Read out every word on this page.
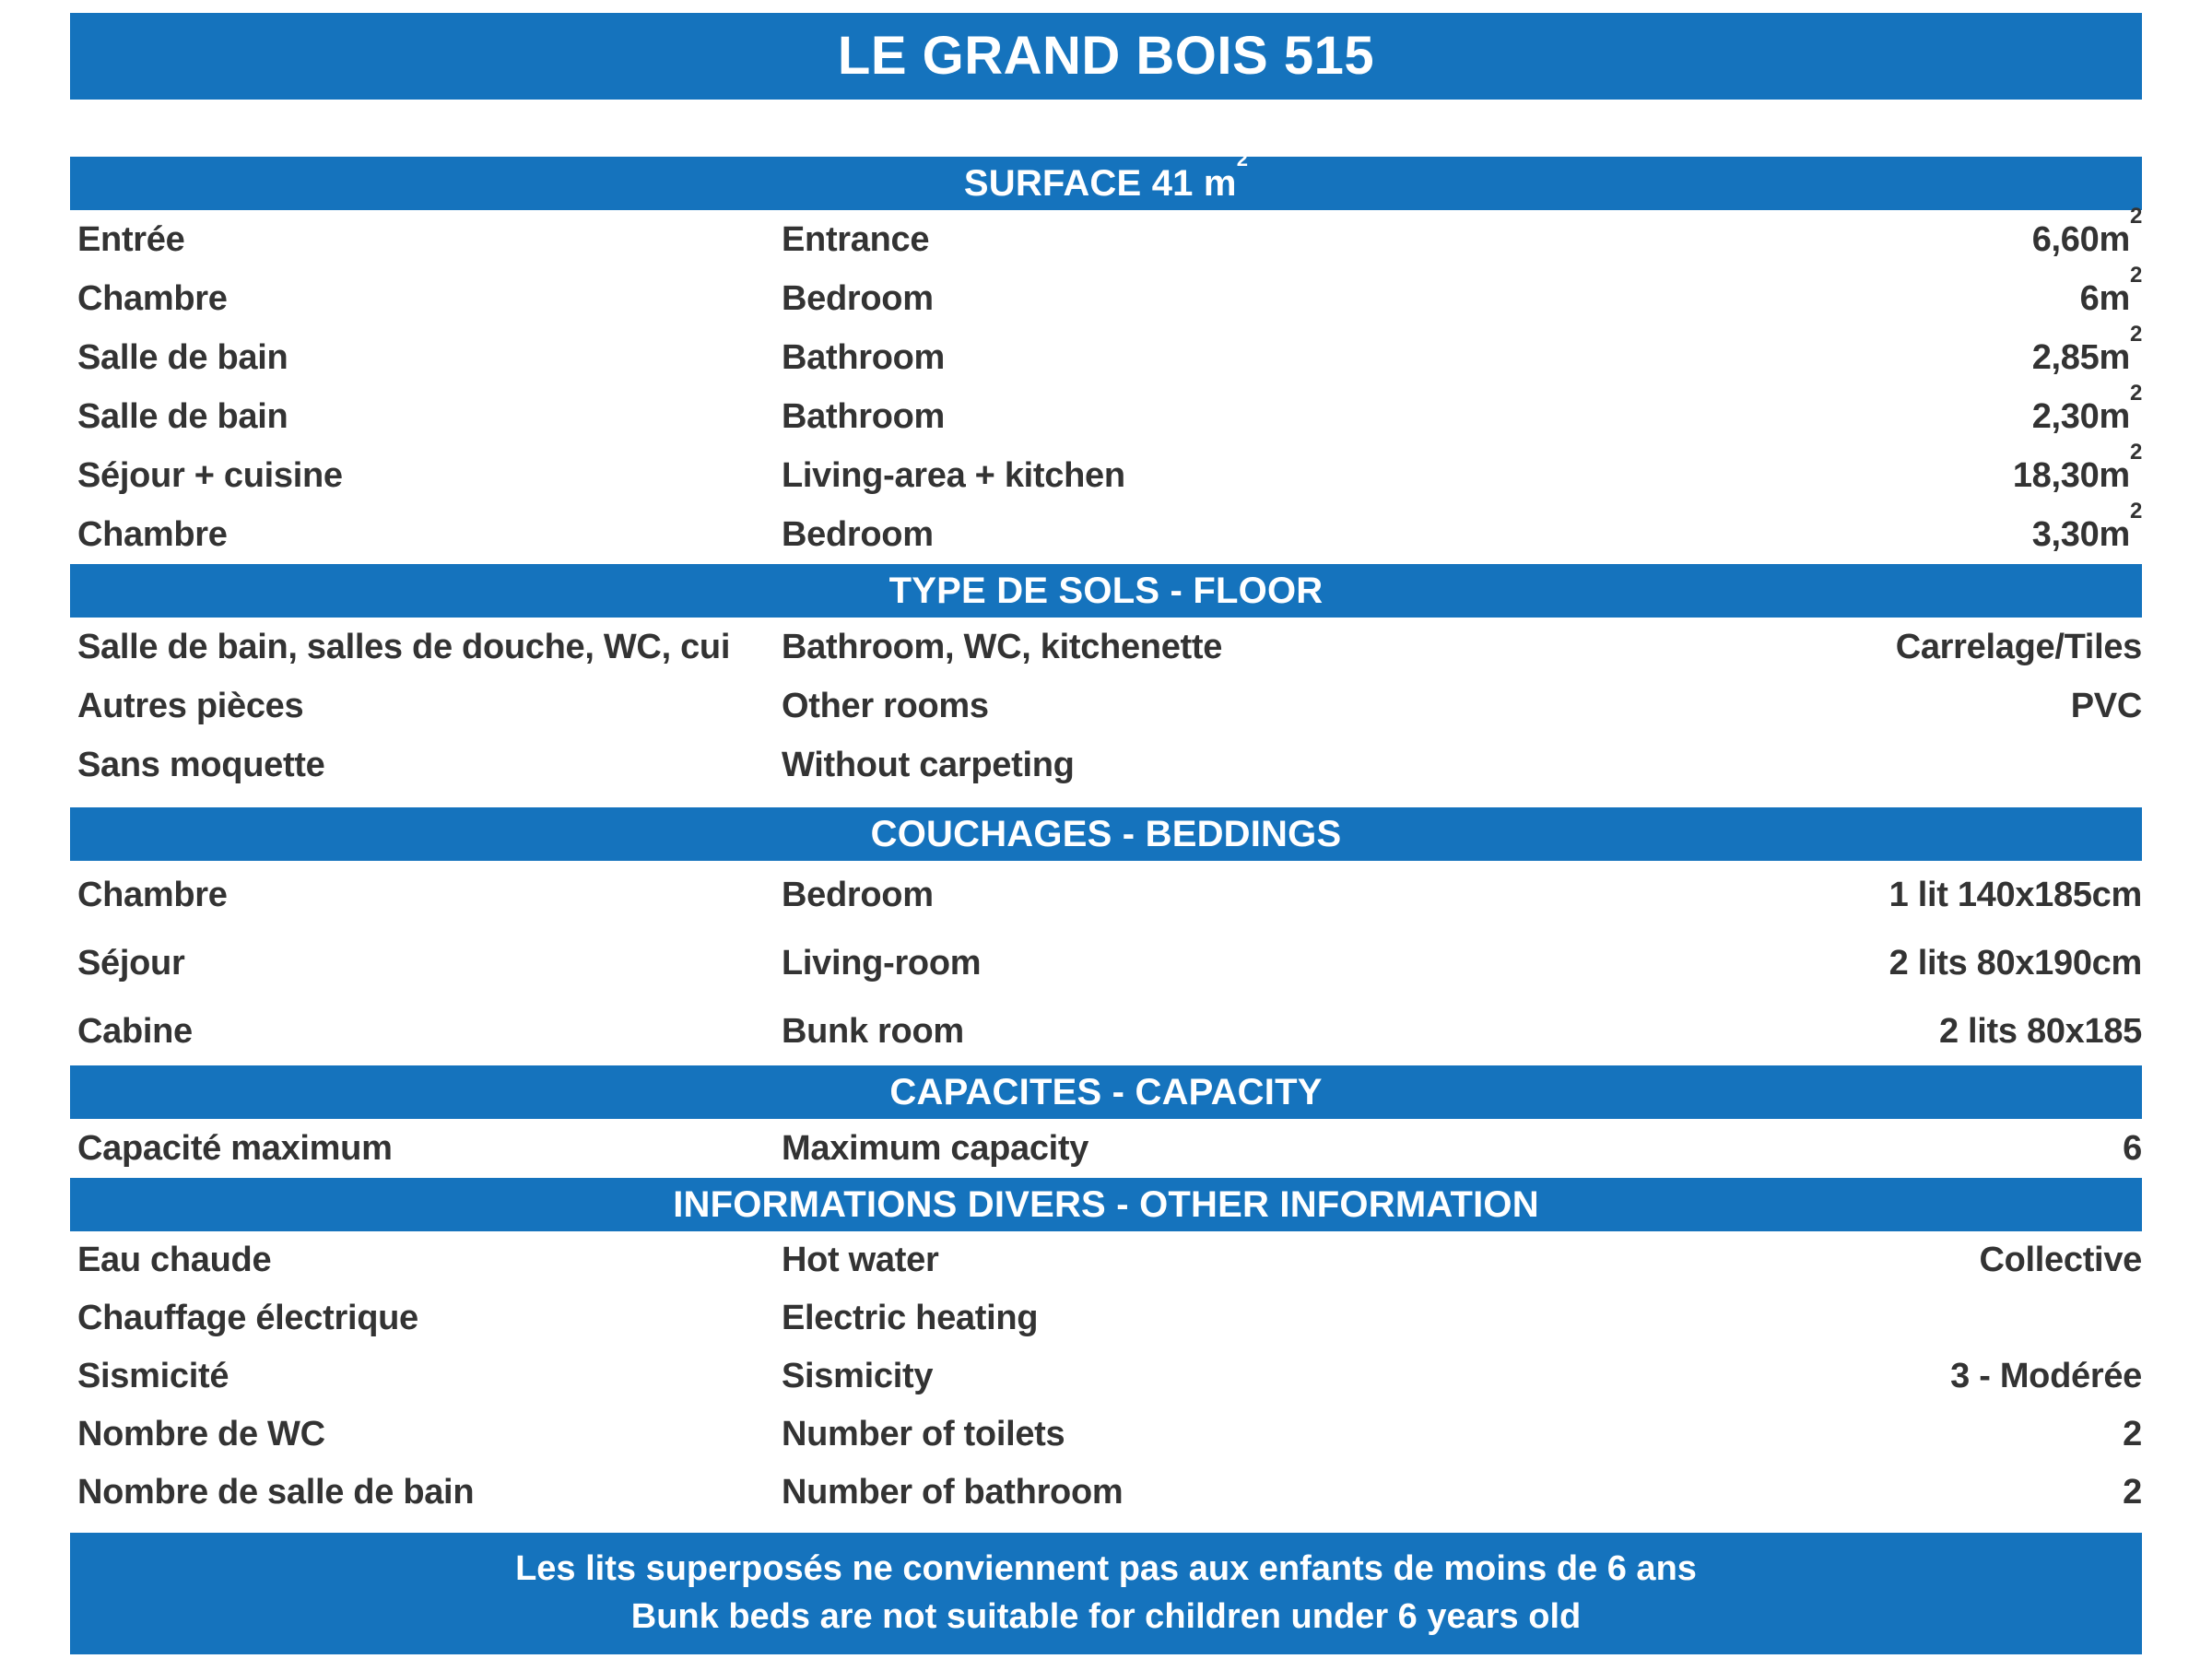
LE GRAND BOIS 515
SURFACE 41 $m^2$
Entrée	Entrance	$6,60m^2$
Chambre	Bedroom	$6m^2$
Salle de bain	Bathroom	$2,85m^2$
Salle de bain	Bathroom	$2,30m^2$
Séjour + cuisine	Living-area + kitchen	$18,30m^2$
Chambre	Bedroom	$3,30m^2$
TYPE DE SOLS - FLOOR
Salle de bain, salles de douche, WC, cui	Bathroom, WC, kitchenette	Carrelage/Tiles
Autres pièces	Other rooms	PVC
Sans moquette	Without carpeting
COUCHAGES - BEDDINGS
Chambre	Bedroom	1 lit 140x185cm
Séjour	Living-room	2 lits 80x190cm
Cabine	Bunk room	2 lits 80x185
CAPACITES - CAPACITY
Capacité maximum	Maximum capacity	6
INFORMATIONS DIVERS - OTHER INFORMATION
Eau chaude	Hot water	Collective
Chauffage électrique	Electric heating
Sismicité	Sismicity	3 - Modérée
Nombre de WC	Number of toilets	2
Nombre de salle de bain	Number of bathroom	2
Les lits superposés ne conviennent pas aux enfants de moins de 6 ans
Bunk beds are not suitable for children under 6 years old
